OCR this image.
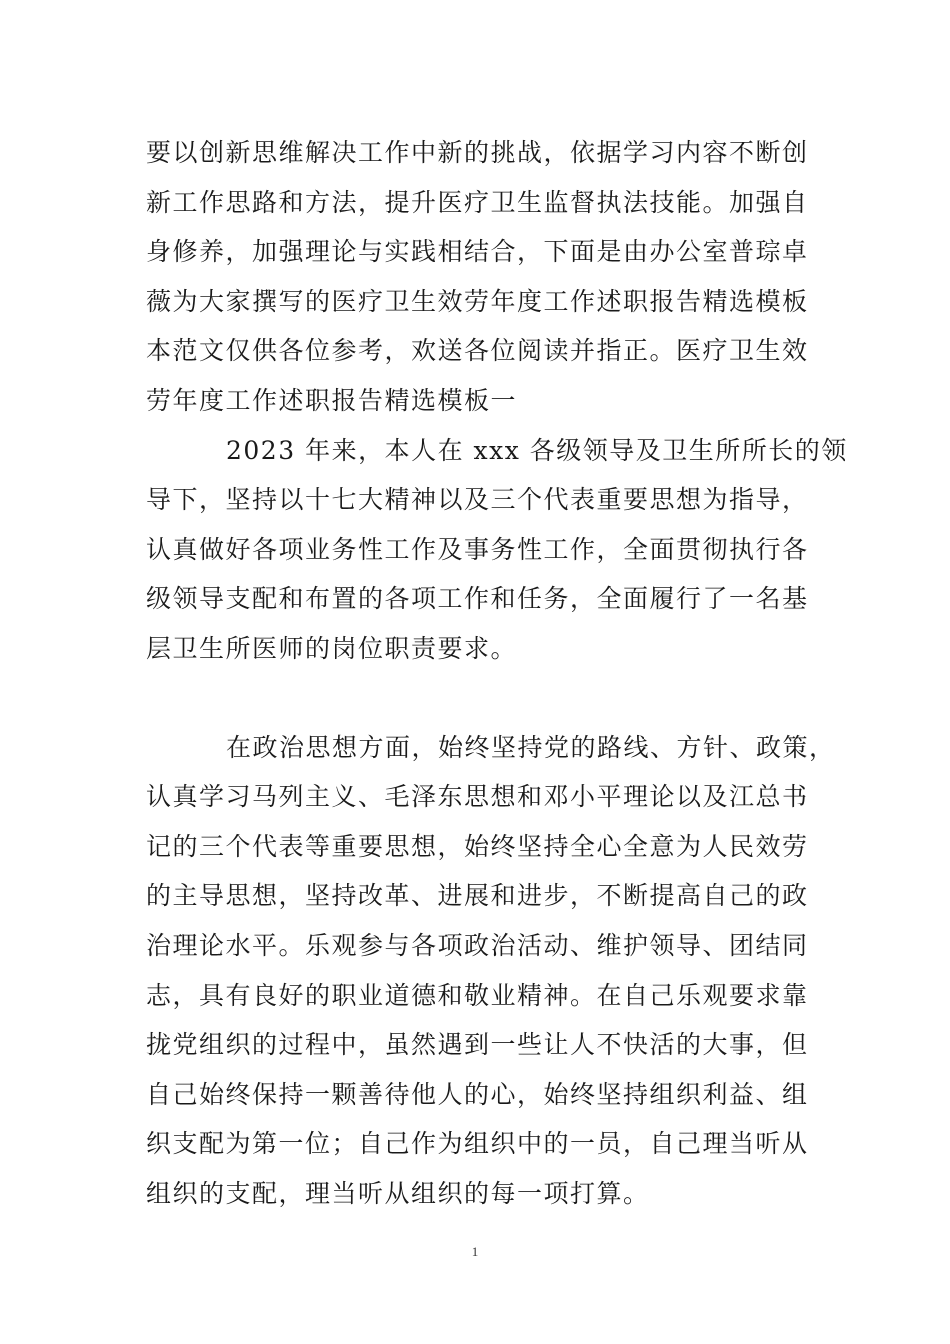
要以创新思维解决工作中新的挑战，依据学习内容不断创
新工作思路和方法，提升医疗卫生监督执法技能。加强自
身修养，加强理论与实践相结合，下面是由办公室普琮卓
薇为大家撰写的医疗卫生效劳年度工作述职报告精选模板
本范文仅供各位参考，欢送各位阅读并指正。医疗卫生效
劳年度工作述职报告精选模板一
2023 年来，本人在 xxx 各级领导及卫生所所长的领
导下，坚持以十七大精神以及三个代表重要思想为指导，
认真做好各项业务性工作及事务性工作，全面贯彻执行各
级领导支配和布置的各项工作和任务，全面履行了一名基
层卫生所医师的岗位职责要求。
在政治思想方面，始终坚持党的路线、方针、政策，
认真学习马列主义、毛泽东思想和邓小平理论以及江总书
记的三个代表等重要思想，始终坚持全心全意为人民效劳
的主导思想，坚持改革、进展和进步，不断提高自己的政
治理论水平。乐观参与各项政治活动、维护领导、团结同
志，具有良好的职业道德和敬业精神。在自己乐观要求靠
拢党组织的过程中，虽然遇到一些让人不快活的大事，但
自己始终保持一颗善待他人的心，始终坚持组织利益、组
织支配为第一位；自己作为组织中的一员，自己理当听从
组织的支配，理当听从组织的每一项打算。
1
